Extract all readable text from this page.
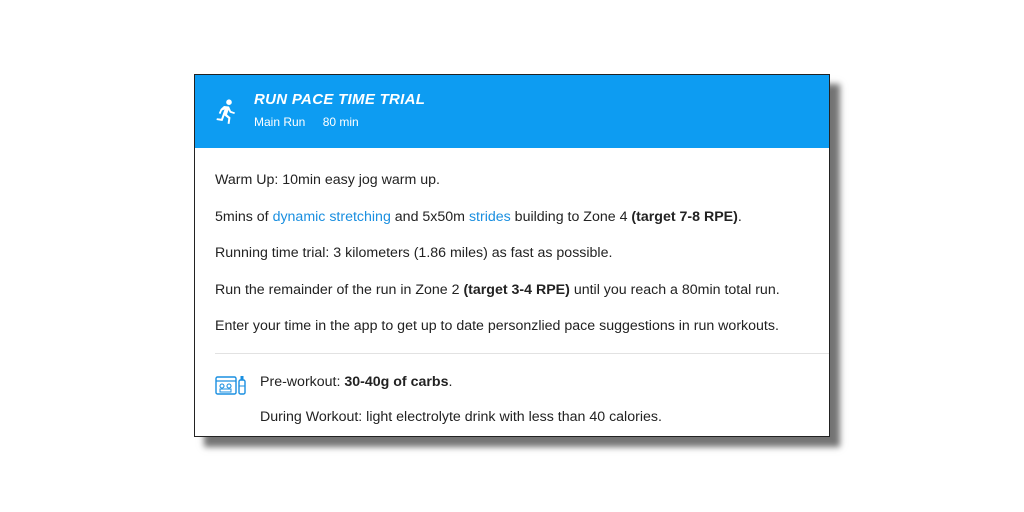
RUN PACE TIME TRIAL
Main Run 80 min

Warm Up: 10min easy jog warm up.

5mins of dynamic stretching and 5x50m strides building to Zone 4 (target 7-8 RPE).

Running time trial: 3 kilometers (1.86 miles) as fast as possible.

Run the remainder of the run in Zone 2 (target 3-4 RPE) until you reach a 80min total run.

Enter your time in the app to get up to date personzlied pace suggestions in run workouts.

Pre-workout: 30-40g of carbs.

During Workout: light electrolyte drink with less than 40 calories.
